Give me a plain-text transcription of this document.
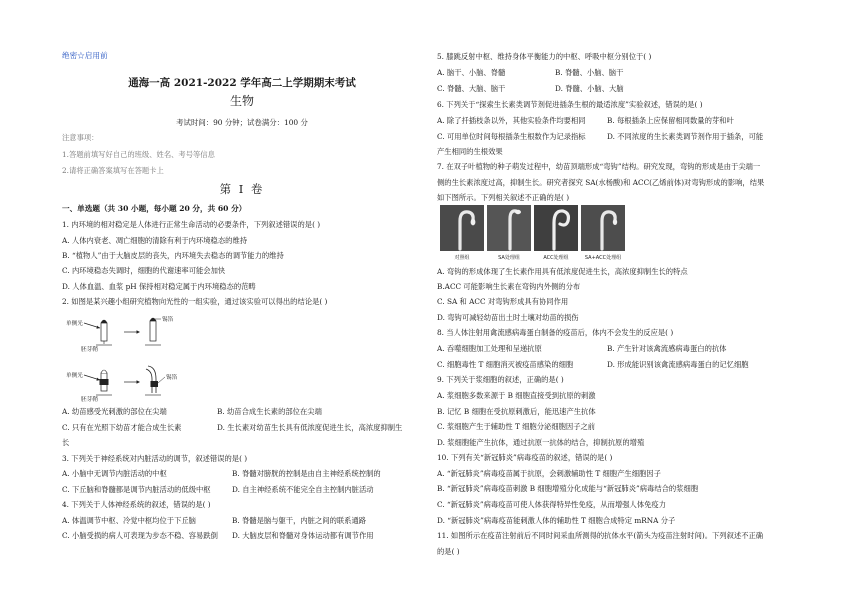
绝密☆启用前
通海一高 2021-2022 学年高二上学期期末考试
生物
考试时间：90 分钟；试卷满分：100 分
注意事项：
1.答题前填写好自己的班级、姓名、考号等信息
2.请将正确答案填写在答题卡上
第 I 卷
一、单选题（共 30 小题，每小题 20 分，共 60 分）
1. 内环境的相对稳定是人体进行正常生命活动的必要条件，下列叙述错误的是( )
A. 人体内衰老、凋亡细胞的清除有利于内环境稳态的维持
B. “植物人”由于大脑皮层的丧失，内环境失去稳态的调节能力的维持
C. 内环境稳态失调时，细胞的代谢速率可能会加快
D. 人体血温、血浆 pH 保持相对稳定属于内环境稳态的范畴
2. 如图是某兴趣小组研究植物向光性的一组实验，通过该实验可以得出的结论是( )
单侧光
胚芽鞘
锡箔
单侧光
胚芽鞘
锡箔
A. 幼苗感受光刺激的部位在尖端	B. 幼苗合成生长素的部位在尖端
C. 只有在光照下幼苗才能合成生长素	D. 生长素对幼苗生长具有低浓度促进生长，高浓度抑制生
长
3. 下列关于神经系统对内脏活动的调节，叙述错误的是( )
A. 小脑中无调节内脏活动的中枢	B. 脊髓对膀胱的控制是由自主神经系统控制的
C. 下丘脑和脊髓都是调节内脏活动的低级中枢	D. 自主神经系统不能完全自主控制内脏活动
4. 下列关于人体神经系统的叙述，错误的是( )
A. 体温调节中枢、冷觉中枢均位于下丘脑	B. 脊髓是脑与躯干，内脏之间的联系通路
C. 小脑受损的病人可表现为步态不稳、容易跌倒 D. 大脑皮层和脊髓对身体运动都有调节作用
5. 膝跳反射中枢、维持身体平衡能力的中枢、呼吸中枢分别位于( )
A. 脑干、小脑、脊髓	B. 脊髓、小脑、脑干
C. 脊髓、大脑、脑干	D. 脊髓、小脑、大脑
6. 下列关于“探索生长素类调节剂促进插条生根的最适浓度”实验叙述，错误的是( )
A. 除了扦插枝条以外，其他实验条件均要相同	B. 每根插条上应保留相同数量的芽和叶
C. 可用单位时间每根插条生根数作为记录指标	D. 不同浓度的生长素类调节剂作用于插条，可能
产生相同的生根效果
7. 在双子叶植物的种子萌发过程中，幼苗顶端形成“弯钩”结构。研究发现，弯钩的形成是由于尖端一
侧的生长素浓度过高，抑制生长。研究者探究 SA(水杨酸)和 ACC(乙烯前体)对弯钩形成的影响，结果
如下图所示。下列相关叙述不正确的是( )
对照组	SA处理组	ACC处理组	SA+ACC处理组
A. 弯钩的形成体现了生长素作用具有低浓度促进生长，高浓度抑制生长的特点
B.ACC 可能影响生长素在弯钩内外侧的分布
C. SA 和 ACC 对弯钩形成具有协同作用
D. 弯钩可减轻幼苗出土时土壤对幼苗的损伤
8. 当人体注射用禽流感病毒蛋白制备的疫苗后，体内不会发生的反应是( )
A. 吞噬细胞加工处理和呈递抗原	B. 产生针对该禽流感病毒蛋白的抗体
C. 细胞毒性 T 细胞消灭被疫苗感染的细胞	D. 形成能识别该禽流感病毒蛋白的记忆细胞
9. 下列关于浆细胞的叙述，正确的是( )
A. 浆细胞多数来源于 B 细胞直接受到抗原的刺激
B. 记忆 B 细胞在受抗原刺激后，能迅速产生抗体
C. 浆细胞产生于辅助性 T 细胞分泌细胞因子之前
D. 浆细胞能产生抗体，通过抗原一抗体的结合，抑制抗原的增殖
10. 下列有关“新冠肺炎”病毒疫苗的叙述，错误的是( )
A. “新冠肺炎”病毒疫苗属于抗原，会刺激辅助性 T 细胞产生细胞因子
B. “新冠肺炎”病毒疫苗刺激 B 细胞增殖分化成能与“新冠肺炎”病毒结合的浆细胞
C. “新冠肺炎”病毒疫苗可使人体获得特异性免疫，从而增强人体免疫力
D. “新冠肺炎”病毒疫苗能刺激人体的辅助性 T 细胞合成特定 mRNA 分子
11. 如图所示在疫苗注射前后不同时间采血所测得的抗体水平(箭头为疫苗注射时间)。下列叙述不正确
的是( )
